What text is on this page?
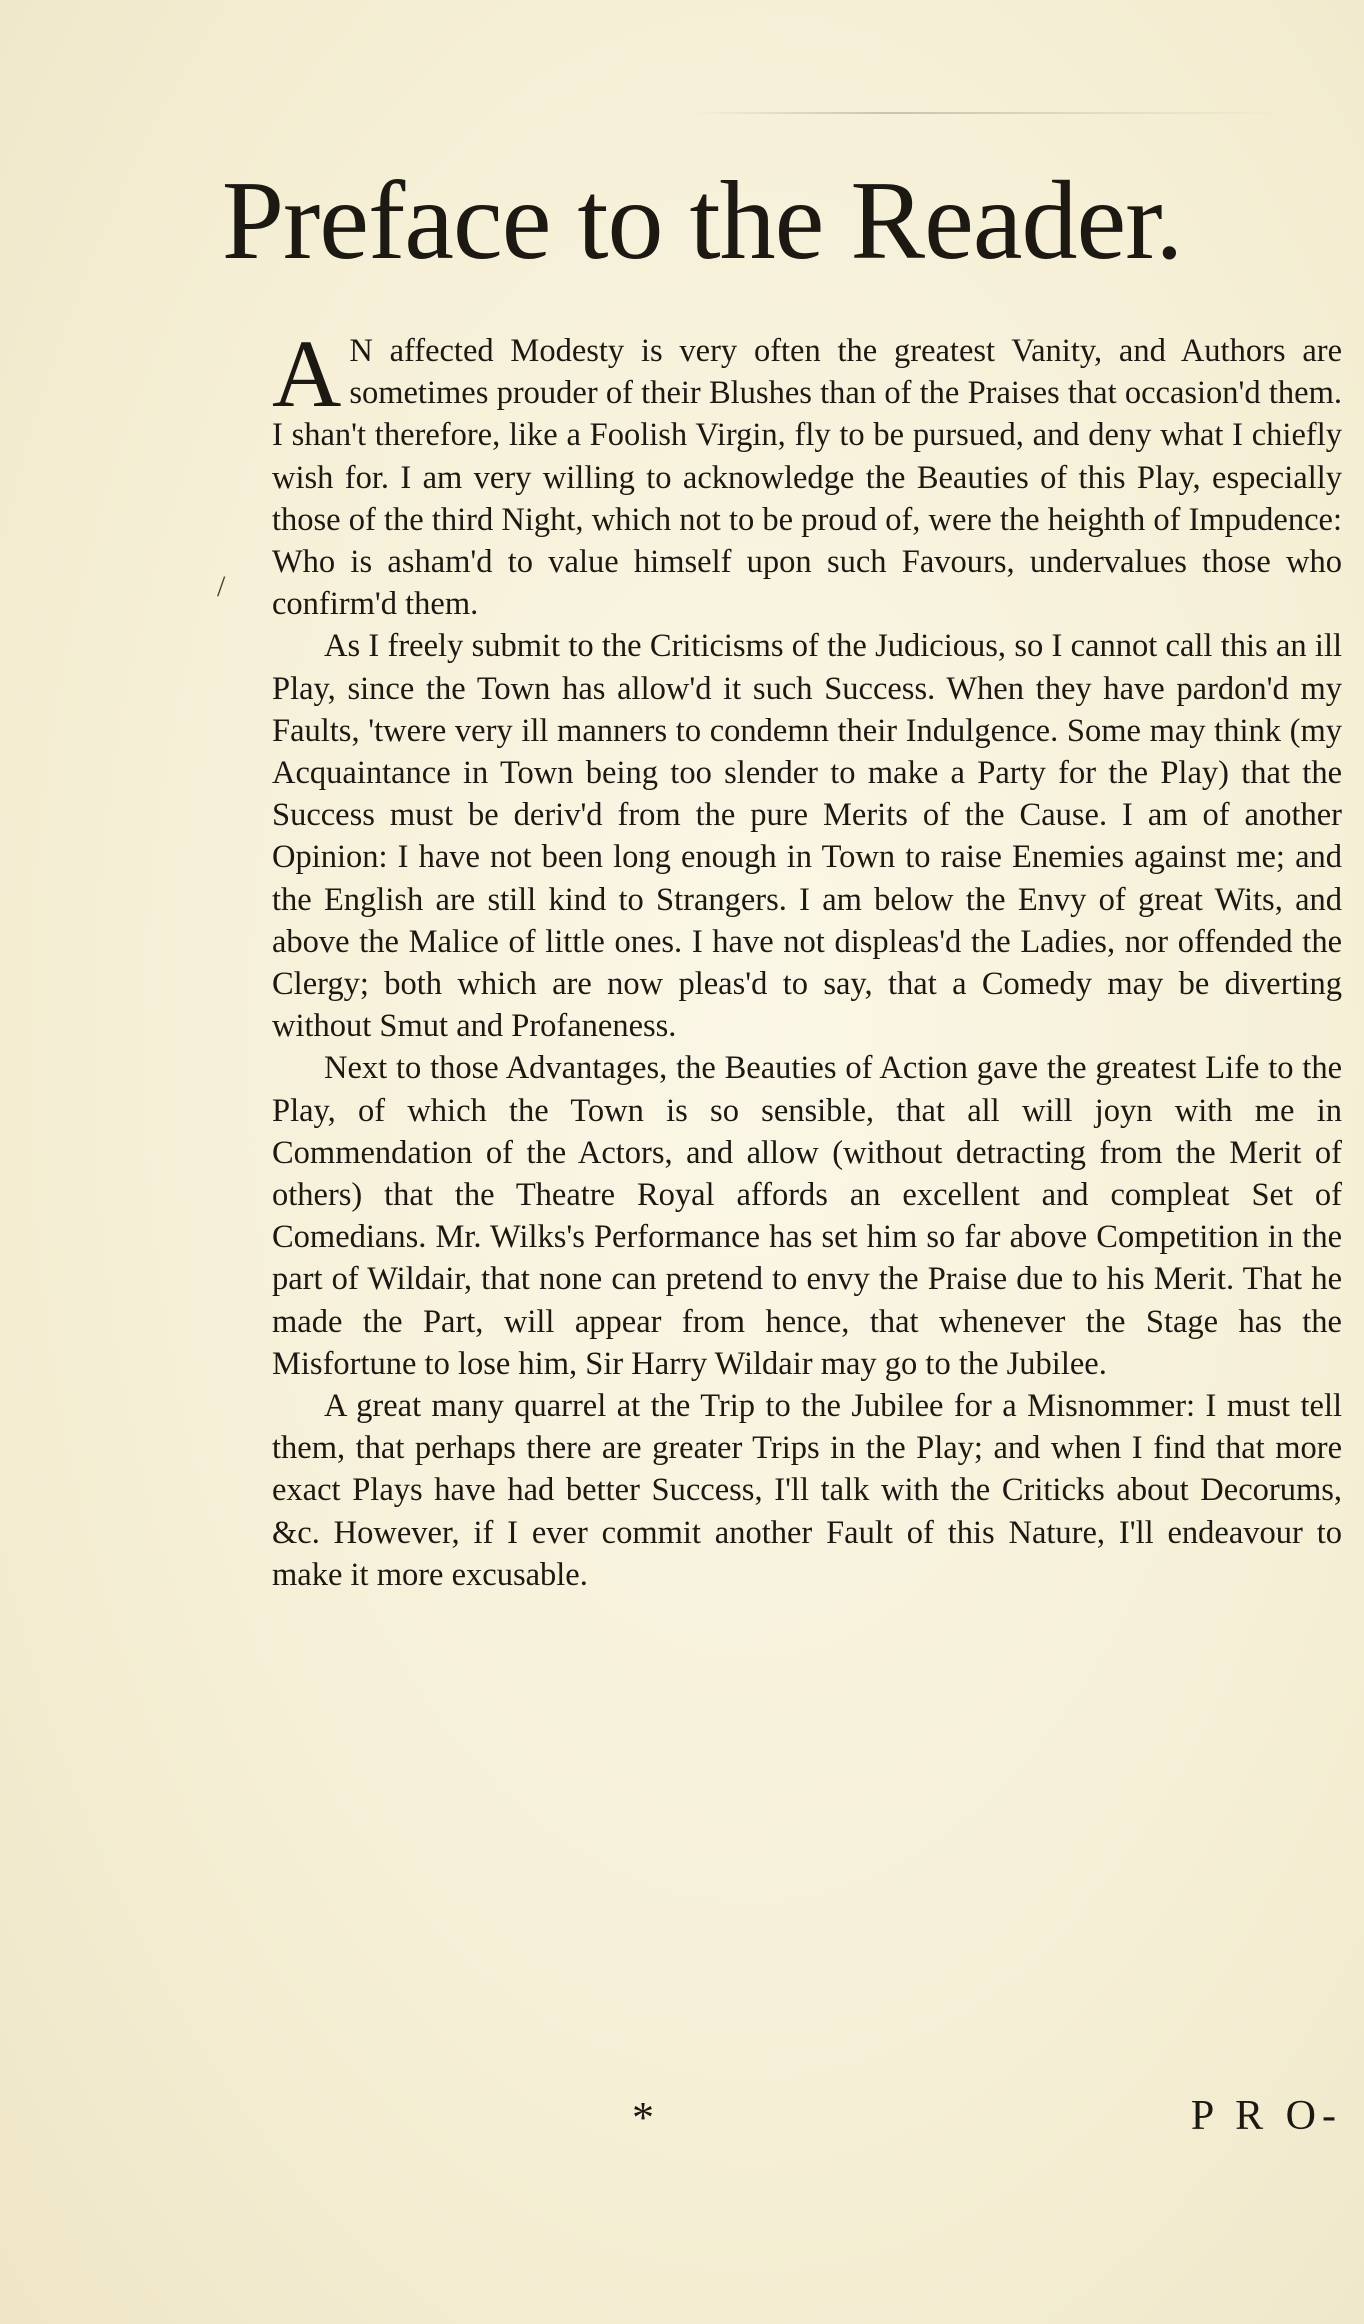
Preface to the Reader.
/

A N affected Modesty is very often the greatest Vanity, and Authors are sometimes prouder of their Blushes than of the Praises that occasion'd them. I shan't therefore, like a Foolish Virgin, fly to be pursued, and deny what I chiefly wish for. I am very willing to acknowledge the Beauties of this Play, especially those of the third Night, which not to be proud of, were the heighth of Impudence: Who is asham'd to value himself upon such Favours, undervalues those who confirm'd them.

As I freely submit to the Criticisms of the Judicious, so I cannot call this an ill Play, since the Town has allow'd it such Success. When they have pardon'd my Faults, 'twere very ill manners to condemn their Indulgence. Some may think (my Acquaintance in Town being too slender to make a Party for the Play) that the Success must be deriv'd from the pure Merits of the Cause. I am of another Opinion: I have not been long enough in Town to raise Enemies against me; and the English are still kind to Strangers. I am below the Envy of great Wits, and above the Malice of little ones. I have not displeas'd the Ladies, nor offended the Clergy; both which are now pleas'd to say, that a Comedy may be diverting without Smut and Profaneness.

Next to those Advantages, the Beauties of Action gave the greatest Life to the Play, of which the Town is so sensible, that all will joyn with me in Commendation of the Actors, and allow (without detracting from the Merit of others) that the Theatre Royal affords an excellent and compleat Set of Comedians. Mr. Wilks's Performance has set him so far above Competition in the part of Wildair, that none can pretend to envy the Praise due to his Merit. That he made the Part, will appear from hence, that whenever the Stage has the Misfortune to lose him, Sir Harry Wildair may go to the Jubilee.

A great many quarrel at the Trip to the Jubilee for a Misnommer: I must tell them, that perhaps there are greater Trips in the Play; and when I find that more exact Plays have had better Success, I'll talk with the Criticks about Decorums, &c. However, if I ever commit another Fault of this Nature, I'll endeavour to make it more excusable.

*	P R O-
